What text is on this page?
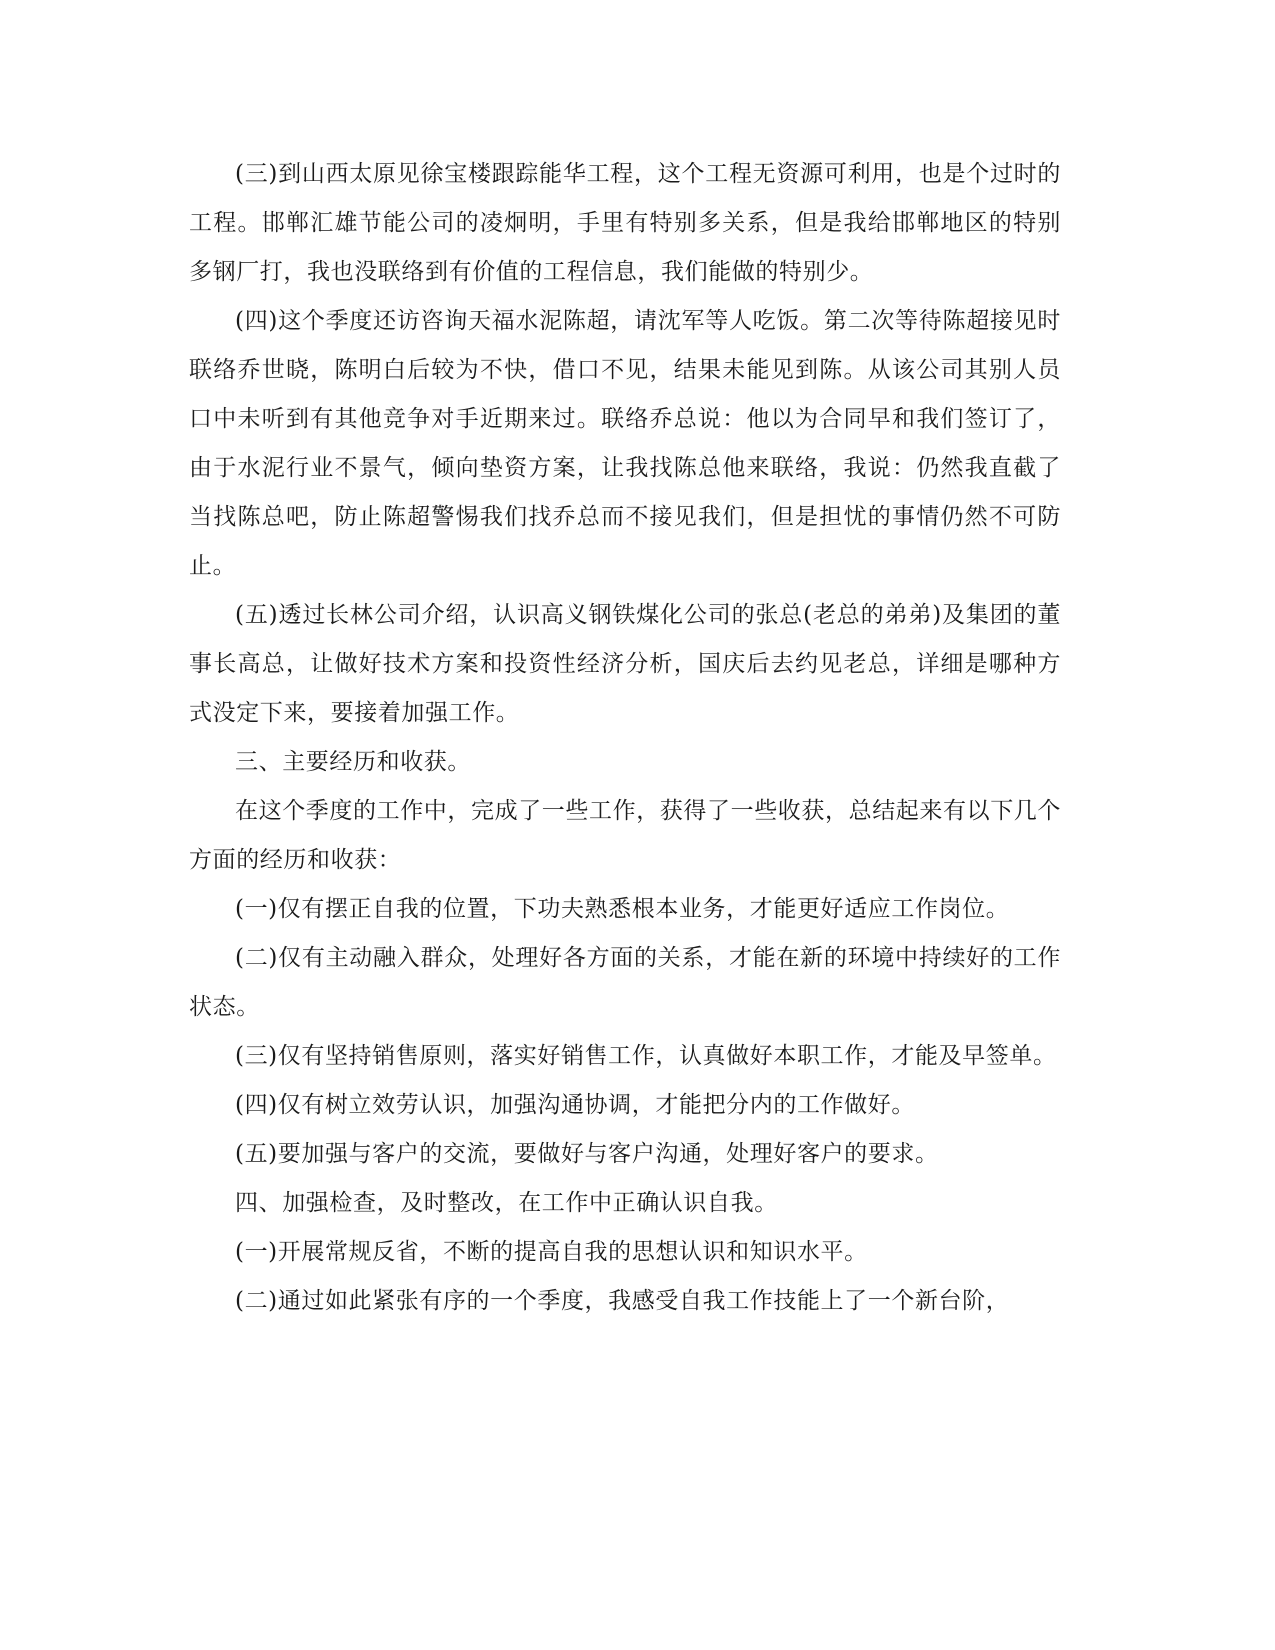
(三)到山西太原见徐宝楼跟踪能华工程，这个工程无资源可利用，也是个过时的工程。邯郸汇雄节能公司的凌炯明，手里有特别多关系，但是我给邯郸地区的特别多钢厂打，我也没联络到有价值的工程信息，我们能做的特别少。

(四)这个季度还访咨询天福水泥陈超，请沈军等人吃饭。第二次等待陈超接见时联络乔世晓，陈明白后较为不快，借口不见，结果未能见到陈。从该公司其别人员口中未听到有其他竞争对手近期来过。联络乔总说：他以为合同早和我们签订了，由于水泥行业不景气，倾向垫资方案，让我找陈总他来联络，我说：仍然我直截了当找陈总吧，防止陈超警惕我们找乔总而不接见我们，但是担忧的事情仍然不可防止。

(五)透过长林公司介绍，认识高义钢铁煤化公司的张总(老总的弟弟)及集团的董事长高总，让做好技术方案和投资性经济分析，国庆后去约见老总，详细是哪种方式没定下来，要接着加强工作。

三、主要经历和收获。

在这个季度的工作中，完成了一些工作，获得了一些收获，总结起来有以下几个方面的经历和收获：

(一)仅有摆正自我的位置，下功夫熟悉根本业务，才能更好适应工作岗位。

(二)仅有主动融入群众，处理好各方面的关系，才能在新的环境中持续好的工作状态。

(三)仅有坚持销售原则，落实好销售工作，认真做好本职工作，才能及早签单。

(四)仅有树立效劳认识，加强沟通协调，才能把分内的工作做好。

(五)要加强与客户的交流，要做好与客户沟通，处理好客户的要求。

四、加强检查，及时整改，在工作中正确认识自我。

(一)开展常规反省，不断的提高自我的思想认识和知识水平。

(二)通过如此紧张有序的一个季度，我感受自我工作技能上了一个新台阶，
